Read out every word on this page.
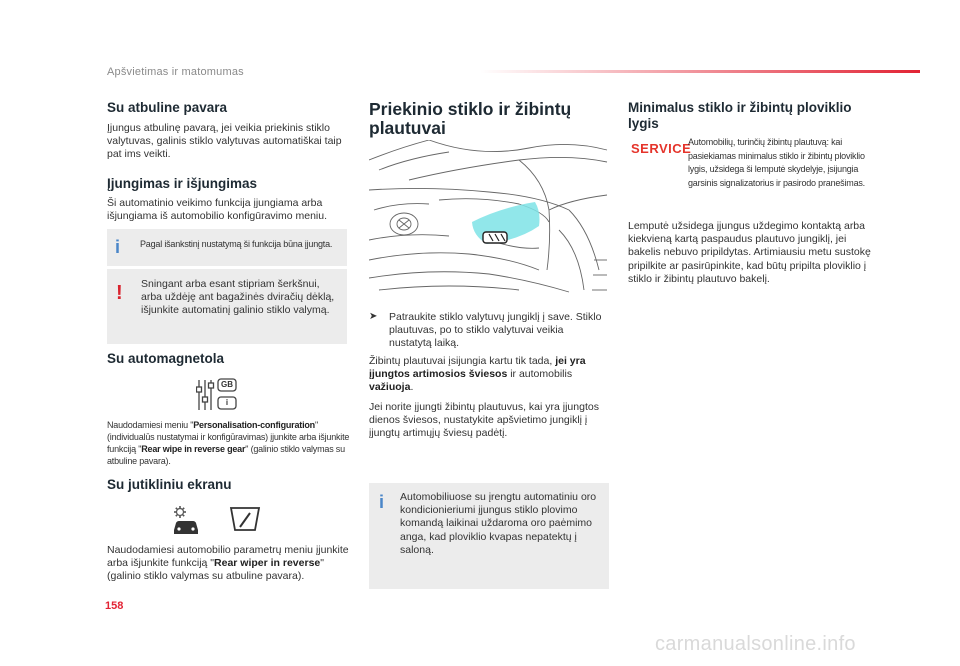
Apšvietimas ir matomumas
Su atbuline pavara

Įjungus atbulinę pavarą, jei veikia priekinis stiklo valytuvas, galinis stiklo valytuvas automatiškai taip pat ims veikti.

Įjungimas ir išjungimas

Ši automatinio veikimo funkcija įjungiama arba išjungiama iš automobilio konfigūravimo meniu.

i Pagal išankstinį nustatymą ši funkcija būna įjungta.

! Sningant arba esant stipriam šerkšnui, arba uždėję ant bagažinės dviračių dėklą, išjunkite automatinį galinio stiklo valymą.

Su automagnetola
GB
i

Naudodamiesi meniu "Personalisation-configuration" (individualūs nustatymai ir konfigūravimas) įjunkite arba išjunkite funkciją "Rear wipe in reverse gear" (galinio stiklo valymas su atbuline pavara).

Su jutikliniu ekranu

Naudodamiesi automobilio parametrų meniu įjunkite arba išjunkite funkciją "Rear wiper in reverse" (galinio stiklo valymas su atbuline pavara).

Priekinio stiklo ir žibintų plautuvai
➤ Patraukite stiklo valytuvų jungiklį į save. Stiklo plautuvas, po to stiklo valytuvai veikia nustatytą laiką.

Žibintų plautuvai įsijungia kartu tik tada, jei yra įjungtos artimosios šviesos ir automobilis važiuoja.

Jei norite įjungti žibintų plautuvus, kai yra įjungtos dienos šviesos, nustatykite apšvietimo jungiklį į įjungtų artimųjų šviesų padėtį.

i Automobiliuose su įrengtu automatiniu oro kondicionieriumi įjungus stiklo plovimo komandą laikinai uždaroma oro paėmimo anga, kad ploviklio kvapas nepatektų į saloną.

Minimalus stiklo ir žibintų ploviklio lygis
SERVICE

Automobilių, turinčių žibintų plautuvą: kai pasiekiamas minimalus stiklo ir žibintų ploviklio lygis, užsidega ši lemputė skydelyje, įsijungia garsinis signalizatorius ir pasirodo pranešimas.

Lemputė užsidega įjungus uždegimo kontaktą arba kiekvieną kartą paspaudus plautuvo jungiklį, jei bakelis nebuvo pripildytas. Artimiausiu metu sustokę pripilkite ar pasirūpinkite, kad būtų pripilta ploviklio į stiklo ir žibintų plautuvo bakelį.

158
carmanualsonline.info
